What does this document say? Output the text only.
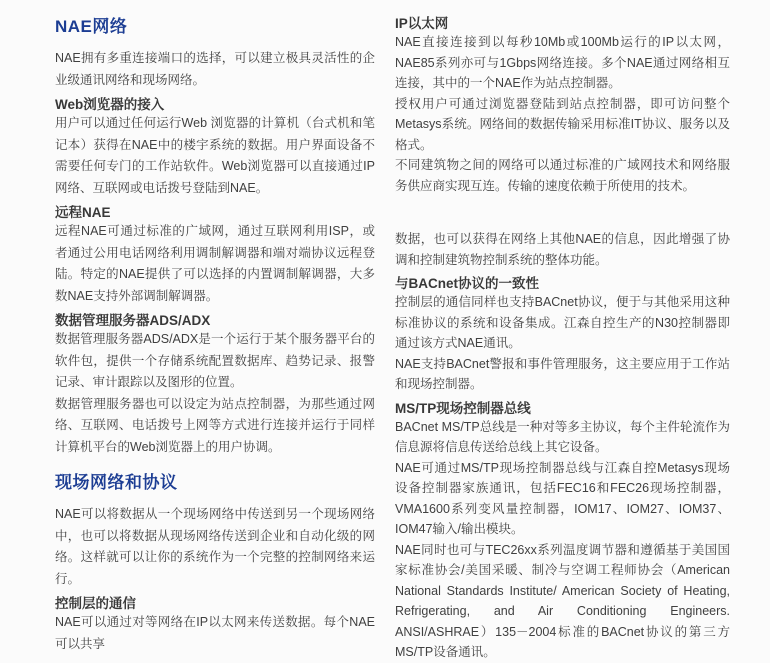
NAE网络

NAE拥有多重连接端口的选择，可以建立极具灵活性的企业级通讯网络和现场网络。

Web浏览器的接入

用户可以通过任何运行Web 浏览器的计算机（台式机和笔记本）获得在NAE中的楼宇系统的数据。用户界面设备不需要任何专门的工作站软件。Web浏览器可以直接通过IP网络、互联网或电话拨号登陆到NAE。

远程NAE

远程NAE可通过标准的广域网，通过互联网利用ISP，或者通过公用电话网络利用调制解调器和端对端协议远程登陆。特定的NAE提供了可以选择的内置调制解调器，大多数NAE支持外部调制解调器。

数据管理服务器ADS/ADX

数据管理服务器ADS/ADX是一个运行于某个服务器平台的软件包，提供一个存储系统配置数据库、趋势记录、报警记录、审计跟踪以及图形的位置。

数据管理服务器也可以设定为站点控制器，为那些通过网络、互联网、电话拨号上网等方式进行连接并运行于同样计算机平台的Web浏览器上的用户协调。

现场网络和协议

NAE可以将数据从一个现场网络中传送到另一个现场网络中，也可以将数据从现场网络传送到企业和自动化级的网络。这样就可以让你的系统作为一个完整的控制网络来运行。

控制层的通信

NAE可以通过对等网络在IP以太网来传送数据。每个NAE可以共享

IP以太网

NAE直接连接到以每秒10Mb或100Mb运行的IP以太网，NAE85系列亦可与1Gbps网络连接。多个NAE通过网络相互连接，其中的一个NAE作为站点控制器。

授权用户可通过浏览器登陆到站点控制器，即可访问整个Metasys系统。网络间的数据传输采用标准IT协议、服务以及格式。

不同建筑物之间的网络可以通过标准的广域网技术和网络服务供应商实现互连。传输的速度依赖于所使用的技术。

数据，也可以获得在网络上其他NAE的信息，因此增强了协调和控制建筑物控制系统的整体功能。

与BACnet协议的一致性

控制层的通信同样也支持BACnet协议，便于与其他采用这种标准协议的系统和设备集成。江森自控生产的N30控制器即通过该方式NAE通讯。

NAE支持BACnet警报和事件管理服务，这主要应用于工作站和现场控制器。

MS/TP现场控制器总线

BACnet MS/TP总线是一种对等多主协议，每个主件轮流作为信息源将信息传送给总线上其它设备。

NAE可通过MS/TP现场控制器总线与江森自控Metasys现场设备控制器家族通讯，包括FEC16和FEC26现场控制器，VMA1600系列变风量控制器，IOM17、IOM27、IOM37、IOM47输入/输出模块。

NAE同时也可与TEC26xx系列温度调节器和遵循基于美国国家标准协会/美国采暖、制冷与空调工程师协会（American National Standards Institute/ American Society of Heating, Refrigerating, and Air Conditioning Engineers. ANSI/ASHRAE）135－2004标准的BACnet协议的第三方MS/TP设备通讯。
